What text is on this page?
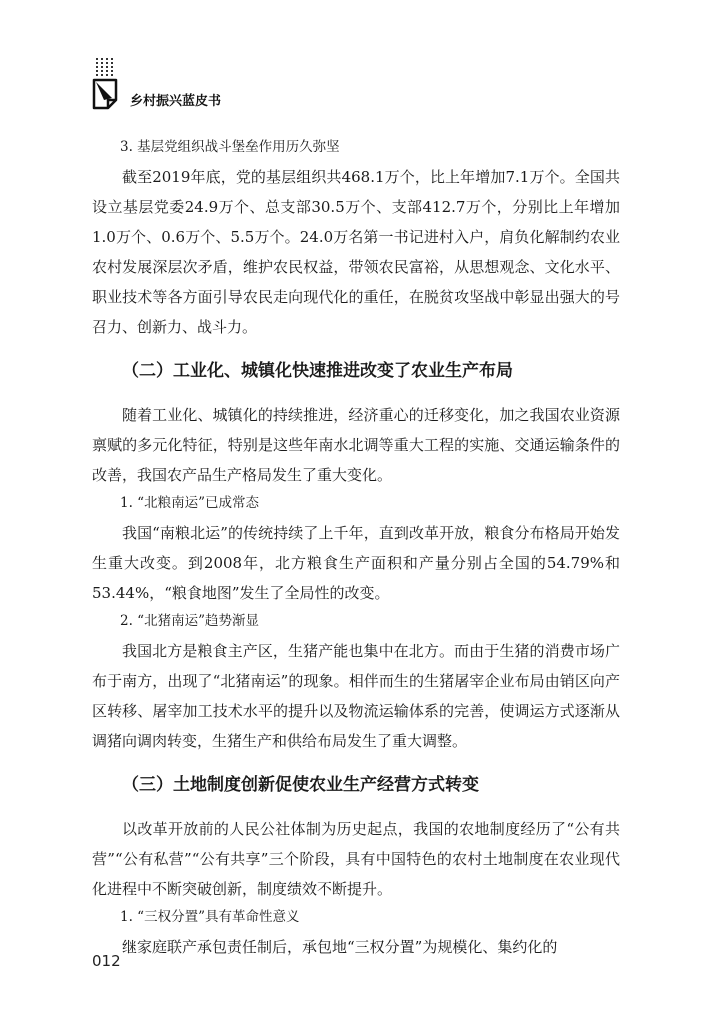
乡村振兴蓝皮书

3. 基层党组织战斗堡垒作用历久弥坚

截至2019年底，党的基层组织共468.1万个，比上年增加7.1万个。全国共设立基层党委24.9万个、总支部30.5万个、支部412.7万个，分别比上年增加1.0万个、0.6万个、5.5万个。24.0万名第一书记进村入户，肩负化解制约农业农村发展深层次矛盾，维护农民权益，带领农民富裕，从思想观念、文化水平、职业技术等各方面引导农民走向现代化的重任，在脱贫攻坚战中彰显出强大的号召力、创新力、战斗力。

（二）工业化、城镇化快速推进改变了农业生产布局

随着工业化、城镇化的持续推进，经济重心的迁移变化，加之我国农业资源禀赋的多元化特征，特别是这些年南水北调等重大工程的实施、交通运输条件的改善，我国农产品生产格局发生了重大变化。

1. “北粮南运”已成常态

我国“南粮北运”的传统持续了上千年，直到改革开放，粮食分布格局开始发生重大改变。到2008年，北方粮食生产面积和产量分别占全国的54.79%和53.44%，“粮食地图”发生了全局性的改变。

2. “北猪南运”趋势渐显

我国北方是粮食主产区，生猪产能也集中在北方。而由于生猪的消费市场广布于南方，出现了“北猪南运”的现象。相伴而生的生猪屠宰企业布局由销区向产区转移、屠宰加工技术水平的提升以及物流运输体系的完善，使调运方式逐渐从调猪向调肉转变，生猪生产和供给布局发生了重大调整。

（三）土地制度创新促使农业生产经营方式转变

以改革开放前的人民公社体制为历史起点，我国的农地制度经历了“公有共营”“公有私营”“公有共享”三个阶段，具有中国特色的农村土地制度在农业现代化进程中不断突破创新，制度绩效不断提升。

1. “三权分置”具有革命性意义

继家庭联产承包责任制后，承包地“三权分置”为规模化、集约化的

012
